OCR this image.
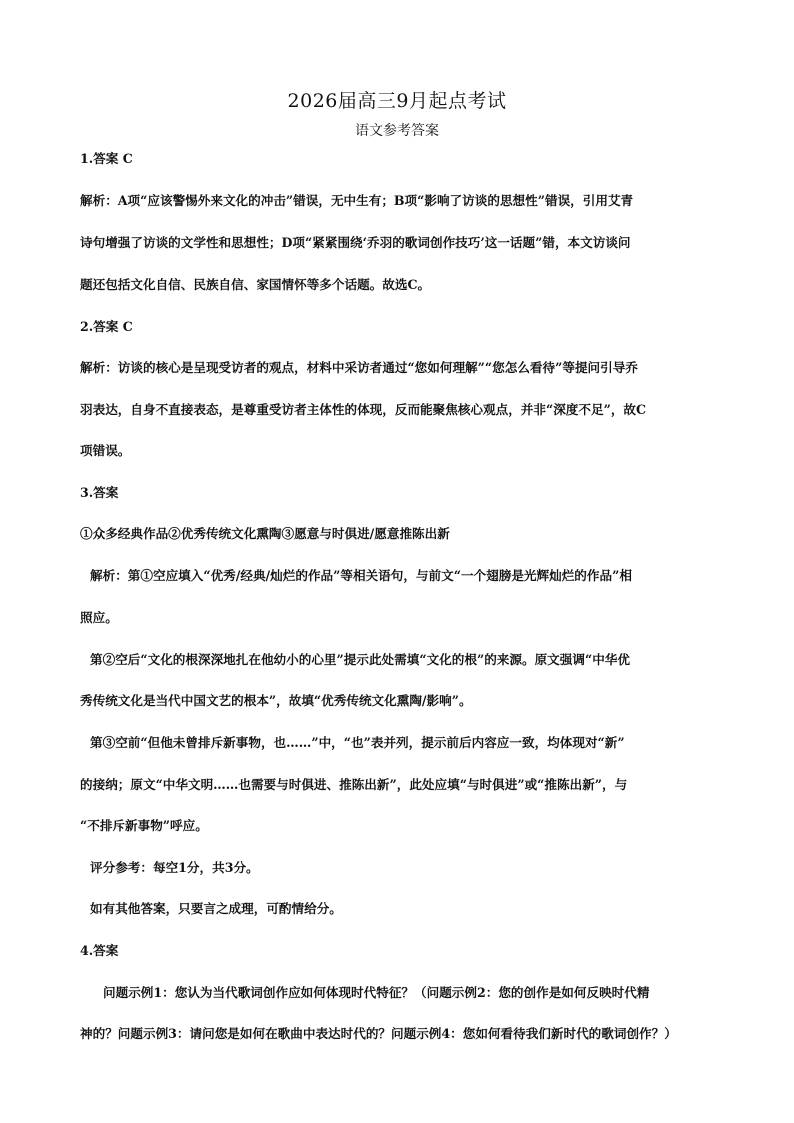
2026届高三9月起点考试
语文参考答案
1.答案 C
解析：A项“应该警惕外来文化的冲击”错误，无中生有；B项“影响了访谈的思想性”错误，引用艾青
诗句增强了访谈的文学性和思想性；D项“紧紧围绕‘乔羽的歌词创作技巧’这一话题”错，本文访谈问
题还包括文化自信、民族自信、家国情怀等多个话题。故选C。
2.答案 C
解析：访谈的核心是呈现受访者的观点，材料中采访者通过“您如何理解”“您怎么看待”等提问引导乔
羽表达，自身不直接表态，是尊重受访者主体性的体现，反而能聚焦核心观点，并非“深度不足”，故C
项错误。
3.答案
①众多经典作品②优秀传统文化熏陶③愿意与时俱进/愿意推陈出新
解析：第①空应填入“优秀/经典/灿烂的作品”等相关语句，与前文“一个翅膀是光辉灿烂的作品”相
照应。
第②空后“文化的根深深地扎在他幼小的心里”提示此处需填“文化的根”的来源。原文强调“中华优
秀传统文化是当代中国文艺的根本”，故填“优秀传统文化熏陶/影响”。
第③空前“但他未曾排斥新事物，也……”中，“也”表并列，提示前后内容应一致，均体现对“新”
的接纳；原文“中华文明……也需要与时俱进、推陈出新”，此处应填“与时俱进”或“推陈出新”，与
“不排斥新事物”呼应。
评分参考：每空1分，共3分。
如有其他答案，只要言之成理，可酌情给分。
4.答案
问题示例1：您认为当代歌词创作应如何体现时代特征？（问题示例2：您的创作是如何反映时代精
神的？问题示例3：请问您是如何在歌曲中表达时代的？问题示例4：您如何看待我们新时代的歌词创作？）
